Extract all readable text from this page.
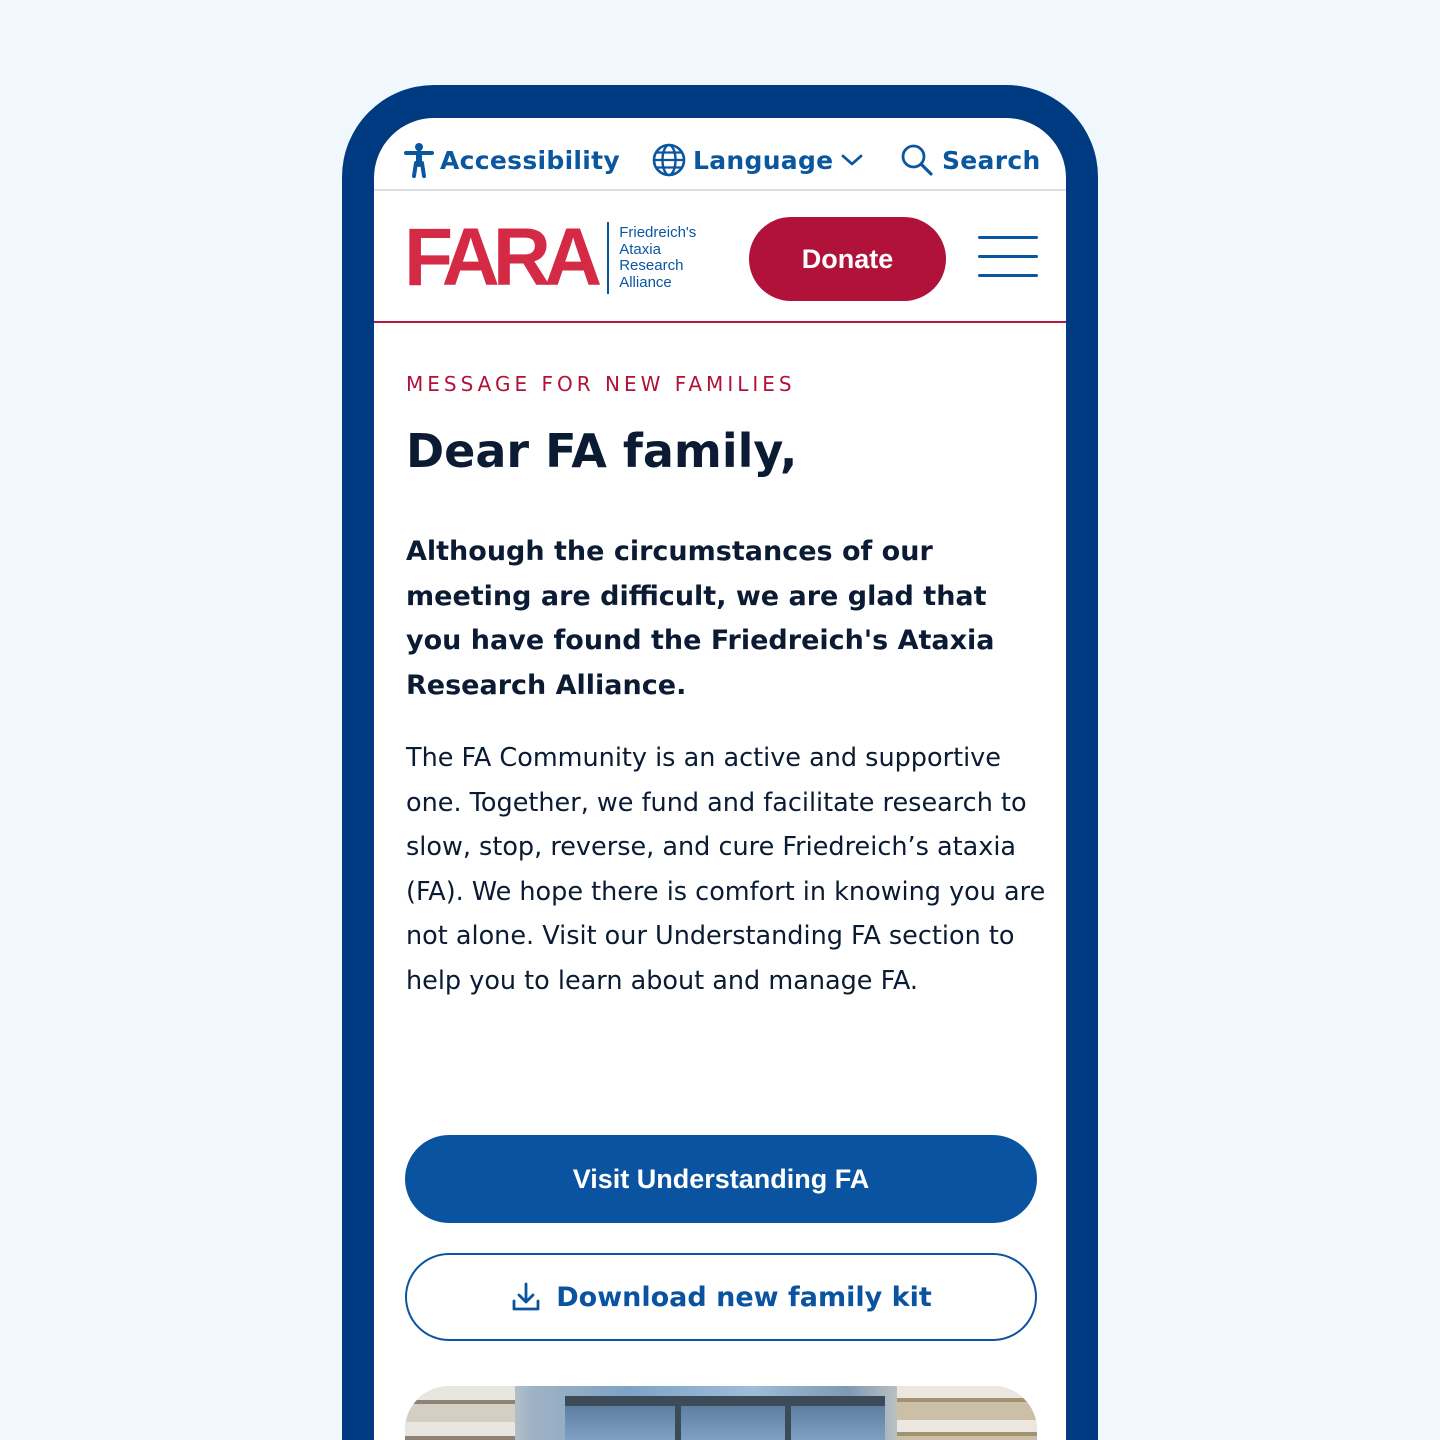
Accessibility	Language	Search
FARA Friedreich's
Ataxia
Research
Alliance
Donate
MESSAGE FOR NEW FAMILIES
Dear FA family,

Although the circumstances of our meeting are difficult, we are glad that you have found the Friedreich's Ataxia Research Alliance.

The FA Community is an active and supportive one. Together, we fund and facilitate research to slow, stop, reverse, and cure Friedreich’s ataxia (FA). We hope there is comfort in knowing you are not alone. Visit our Understanding FA section to help you to learn about and manage FA.

Visit Understanding FA
Download new family kit
